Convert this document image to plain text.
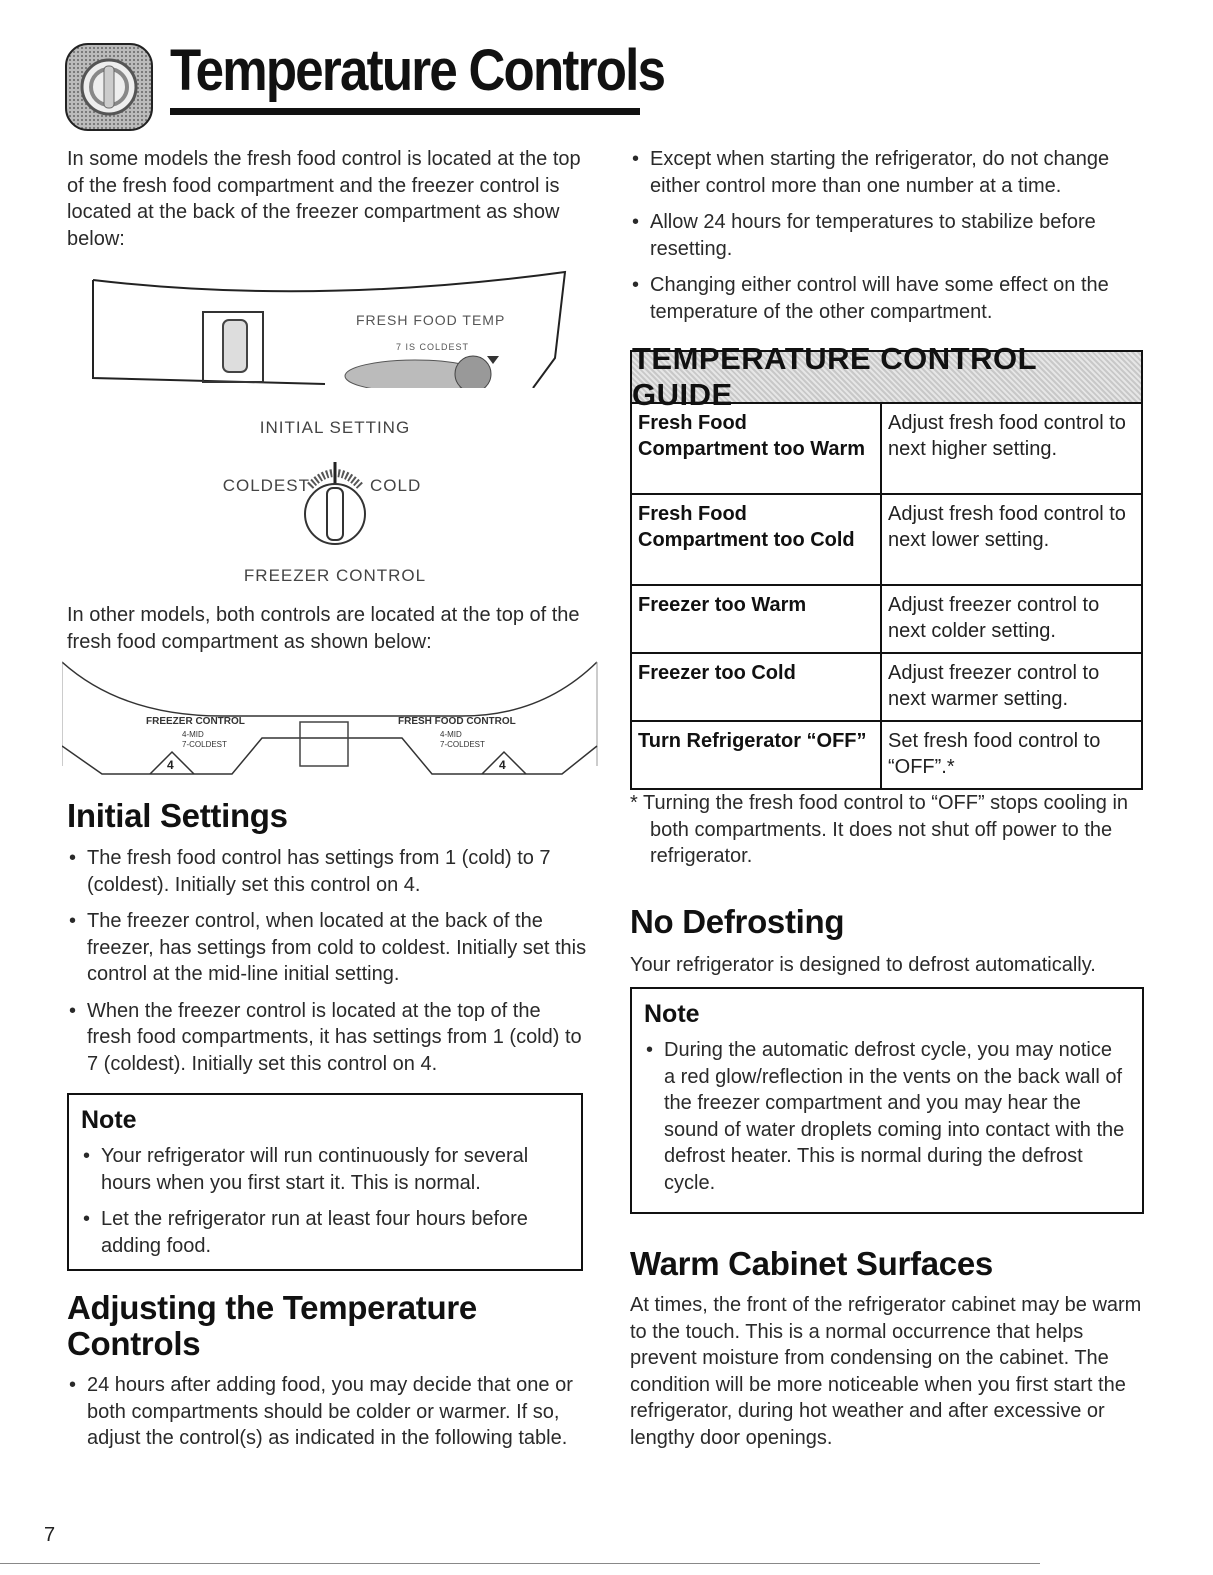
Temperature Controls
In some models the fresh food control is located at the top of the fresh food compartment and the freezer control is located at the back of the freezer compartment as show below:
FRESH FOOD TEMP
7 IS COLDEST
INITIAL SETTING
COLDEST	COLD
FREEZER CONTROL
In other models, both controls are located at the top of the fresh food compartment as shown below:
FREEZER CONTROL	FRESH FOOD CONTROL
4-MID
7-COLDEST
4-MID
7-COLDEST
4	4
Initial Settings
• The fresh food control has settings from 1 (cold) to 7 (coldest). Initially set this control on 4.
• The freezer control, when located at the back of the freezer, has settings from cold to coldest. Initially set this control at the mid-line initial setting.
• When the freezer control is located at the top of the fresh food compartments, it has settings from 1 (cold) to 7 (coldest). Initially set this control on 4.
Note
• Your refrigerator will run continuously for several hours when you first start it. This is normal.
• Let the refrigerator run at least four hours before adding food.
Adjusting the Temperature Controls
• 24 hours after adding food, you may decide that one or both compartments should be colder or warmer. If so, adjust the control(s) as indicated in the following table.
7
• Except when starting the refrigerator, do not change either control more than one number at a time.
• Allow 24 hours for temperatures to stabilize before resetting.
• Changing either control will have some effect on the temperature of the other compartment.
TEMPERATURE CONTROL GUIDE
Fresh Food Compartment too Warm	Adjust fresh food control to next higher setting.
Fresh Food Compartment too Cold	Adjust fresh food control to next lower setting.
Freezer too Warm	Adjust freezer control to next colder setting.
Freezer too Cold	Adjust freezer control to next warmer setting.
Turn Refrigerator “OFF”	Set fresh food control to “OFF”.*
* Turning the fresh food control to “OFF” stops cooling in both compartments. It does not shut off power to the refrigerator.
No Defrosting
Your refrigerator is designed to defrost automatically.
Note
• During the automatic defrost cycle, you may notice a red glow/reflection in the vents on the back wall of the freezer compartment and you may hear the sound of water droplets coming into contact with the defrost heater. This is normal during the defrost cycle.
Warm Cabinet Surfaces
At times, the front of the refrigerator cabinet may be warm to the touch. This is a normal occurrence that helps prevent moisture from condensing on the cabinet. The condition will be more noticeable when you first start the refrigerator, during hot weather and after excessive or lengthy door openings.
